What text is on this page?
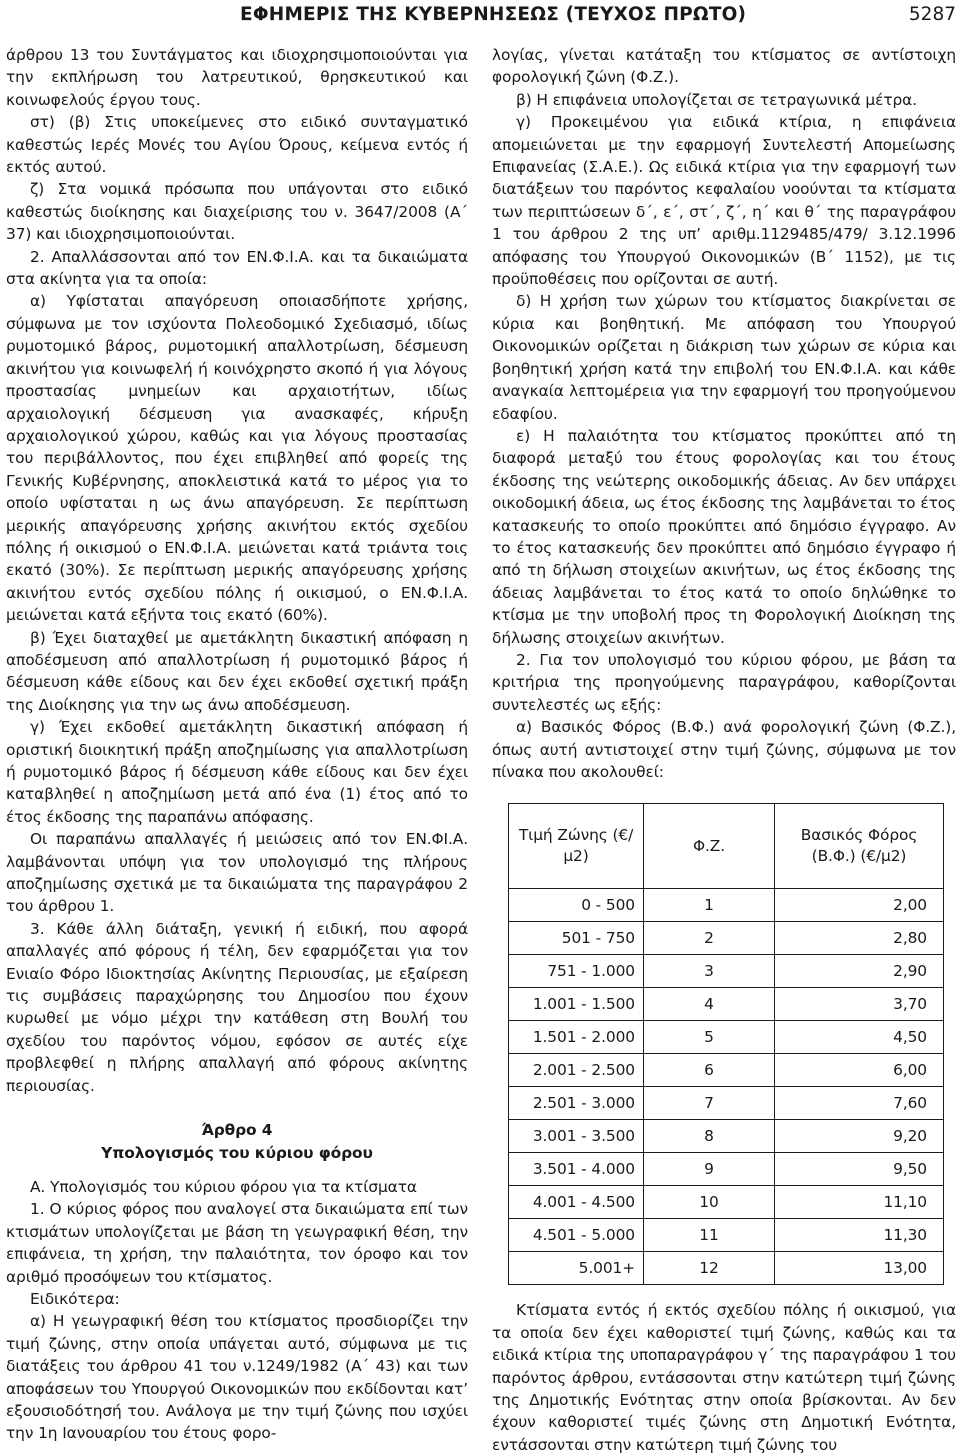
ΕΦΗΜΕΡΙΣ ΤΗΣ ΚΥΒΕΡΝΗΣΕΩΣ (ΤΕΥΧΟΣ ΠΡΩΤΟ)	5287

άρθρου 13 του Συντάγματος και ιδιοχρησιμοποιούνται για την εκπλήρωση του λατρευτικού, θρησκευτικού και κοινωφελούς έργου τους.

στ) (β) Στις υποκείμενες στο ειδικό συνταγματικό καθεστώς Ιερές Μονές του Αγίου Όρους, κείμενα εντός ή εκτός αυτού.

ζ) Στα νομικά πρόσωπα που υπάγονται στο ειδικό καθεστώς διοίκησης και διαχείρισης του ν. 3647/2008 (Α΄ 37) και ιδιοχρησιμοποιούνται.

2. Απαλλάσσονται από τον ΕΝ.Φ.Ι.Α. και τα δικαιώματα στα ακίνητα για τα οποία:

α) Υφίσταται απαγόρευση οποιασδήποτε χρήσης, σύμφωνα με τον ισχύοντα Πολεοδομικό Σχεδιασμό, ιδίως ρυμοτομικό βάρος, ρυμοτομική απαλλοτρίωση, δέσμευση ακινήτου για κοινωφελή ή κοινόχρηστο σκοπό ή για λόγους προστασίας μνημείων και αρχαιοτήτων, ιδίως αρχαιολογική δέσμευση για ανασκαφές, κήρυξη αρχαιολογικού χώρου, καθώς και για λόγους προστασίας του περιβάλλοντος, που έχει επιβληθεί από φορείς της Γενικής Κυβέρνησης, αποκλειστικά κατά το μέρος για το οποίο υφίσταται η ως άνω απαγόρευση. Σε περίπτωση μερικής απαγόρευσης χρήσης ακινήτου εκτός σχεδίου πόλης ή οικισμού ο ΕΝ.Φ.Ι.Α. μειώνεται κατά τριάντα τοις εκατό (30%). Σε περίπτωση μερικής απαγόρευσης χρήσης ακινήτου εντός σχεδίου πόλης ή οικισμού, ο ΕΝ.Φ.Ι.Α. μειώνεται κατά εξήντα τοις εκατό (60%).

β) Έχει διαταχθεί με αμετάκλητη δικαστική απόφαση η αποδέσμευση από απαλλοτρίωση ή ρυμοτομικό βάρος ή δέσμευση κάθε είδους και δεν έχει εκδοθεί σχετική πράξη της Διοίκησης για την ως άνω αποδέσμευση.

γ) Έχει εκδοθεί αμετάκλητη δικαστική απόφαση ή οριστική διοικητική πράξη αποζημίωσης για απαλλοτρίωση ή ρυμοτομικό βάρος ή δέσμευση κάθε είδους και δεν έχει καταβληθεί η αποζημίωση μετά από ένα (1) έτος από το έτος έκδοσης της παραπάνω απόφασης.

Οι παραπάνω απαλλαγές ή μειώσεις από τον ΕΝ.ΦΙ.Α. λαμβάνονται υπόψη για τον υπολογισμό της πλήρους αποζημίωσης σχετικά με τα δικαιώματα της παραγράφου 2 του άρθρου 1.

3. Κάθε άλλη διάταξη, γενική ή ειδική, που αφορά απαλλαγές από φόρους ή τέλη, δεν εφαρμόζεται για τον Ενιαίο Φόρο Ιδιοκτησίας Ακίνητης Περιουσίας, με εξαίρεση τις συμβάσεις παραχώρησης του Δημοσίου που έχουν κυρωθεί με νόμο μέχρι την κατάθεση στη Βουλή του σχεδίου του παρόντος νόμου, εφόσον σε αυτές είχε προβλεφθεί η πλήρης απαλλαγή από φόρους ακίνητης περιουσίας.

Άρθρο 4
Υπολογισμός του κύριου φόρου

Α. Υπολογισμός του κύριου φόρου για τα κτίσματα

1. Ο κύριος φόρος που αναλογεί στα δικαιώματα επί των κτισμάτων υπολογίζεται με βάση τη γεωγραφική θέση, την επιφάνεια, τη χρήση, την παλαιότητα, τον όροφο και τον αριθμό προσόψεων του κτίσματος.

Ειδικότερα:

α) Η γεωγραφική θέση του κτίσματος προσδιορίζει την τιμή ζώνης, στην οποία υπάγεται αυτό, σύμφωνα με τις διατάξεις του άρθρου 41 του ν.1249/1982 (Α΄ 43) και των αποφάσεων του Υπουργού Οικονομικών που εκδίδονται κατ’ εξουσιοδότησή του. Ανάλογα με την τιμή ζώνης που ισχύει την 1η Ιανουαρίου του έτους φορο-

λογίας, γίνεται κατάταξη του κτίσματος σε αντίστοιχη φορολογική ζώνη (Φ.Ζ.).

β) Η επιφάνεια υπολογίζεται σε τετραγωνικά μέτρα.

γ) Προκειμένου για ειδικά κτίρια, η επιφάνεια απομειώνεται με την εφαρμογή Συντελεστή Απομείωσης Επιφανείας (Σ.Α.Ε.). Ως ειδικά κτίρια για την εφαρμογή των διατάξεων του παρόντος κεφαλαίου νοούνται τα κτίσματα των περιπτώσεων δ΄, ε΄, στ΄, ζ΄, η΄ και θ΄ της παραγράφου 1 του άρθρου 2 της υπ’ αριθμ.1129485/479/ 3.12.1996 απόφασης του Υπουργού Οικονομικών (Β΄ 1152), με τις προϋποθέσεις που ορίζονται σε αυτή.

δ) Η χρήση των χώρων του κτίσματος διακρίνεται σε κύρια και βοηθητική. Με απόφαση του Υπουργού Οικονομικών ορίζεται η διάκριση των χώρων σε κύρια και βοηθητική χρήση κατά την επιβολή του ΕΝ.Φ.Ι.Α. και κάθε αναγκαία λεπτομέρεια για την εφαρμογή του προηγούμενου εδαφίου.

ε) Η παλαιότητα του κτίσματος προκύπτει από τη διαφορά μεταξύ του έτους φορολογίας και του έτους έκδοσης της νεώτερης οικοδομικής άδειας. Αν δεν υπάρχει οικοδομική άδεια, ως έτος έκδοσης της λαμβάνεται το έτος κατασκευής το οποίο προκύπτει από δημόσιο έγγραφο. Αν το έτος κατασκευής δεν προκύπτει από δημόσιο έγγραφο ή από τη δήλωση στοιχείων ακινήτων, ως έτος έκδοσης της άδειας λαμβάνεται το έτος κατά το οποίο δηλώθηκε το κτίσμα με την υποβολή προς τη Φορολογική Διοίκηση της δήλωσης στοιχείων ακινήτων.

2. Για τον υπολογισμό του κύριου φόρου, με βάση τα κριτήρια της προηγούμενης παραγράφου, καθορίζονται συντελεστές ως εξής:

α) Βασικός Φόρος (Β.Φ.) ανά φορολογική ζώνη (Φ.Ζ.), όπως αυτή αντιστοιχεί στην τιμή ζώνης, σύμφωνα με τον πίνακα που ακολουθεί:

Τιμή Ζώνης (€/μ2)	Φ.Ζ.	Βασικός Φόρος (Β.Φ.) (€/μ2)
0 - 500	1	2,00
501 - 750	2	2,80
751 - 1.000	3	2,90
1.001 - 1.500	4	3,70
1.501 - 2.000	5	4,50
2.001 - 2.500	6	6,00
2.501 - 3.000	7	7,60
3.001 - 3.500	8	9,20
3.501 - 4.000	9	9,50
4.001 - 4.500	10	11,10
4.501 - 5.000	11	11,30
5.001+	12	13,00

Κτίσματα εντός ή εκτός σχεδίου πόλης ή οικισμού, για τα οποία δεν έχει καθοριστεί τιμή ζώνης, καθώς και τα ειδικά κτίρια της υποπαραγράφου γ΄ της παραγράφου 1 του παρόντος άρθρου, εντάσσονται στην κατώτερη τιμή ζώνης της Δημοτικής Ενότητας στην οποία βρίσκονται. Αν δεν έχουν καθοριστεί τιμές ζώνης στη Δημοτική Ενότητα, εντάσσονται στην κατώτερη τιμή ζώνης του
